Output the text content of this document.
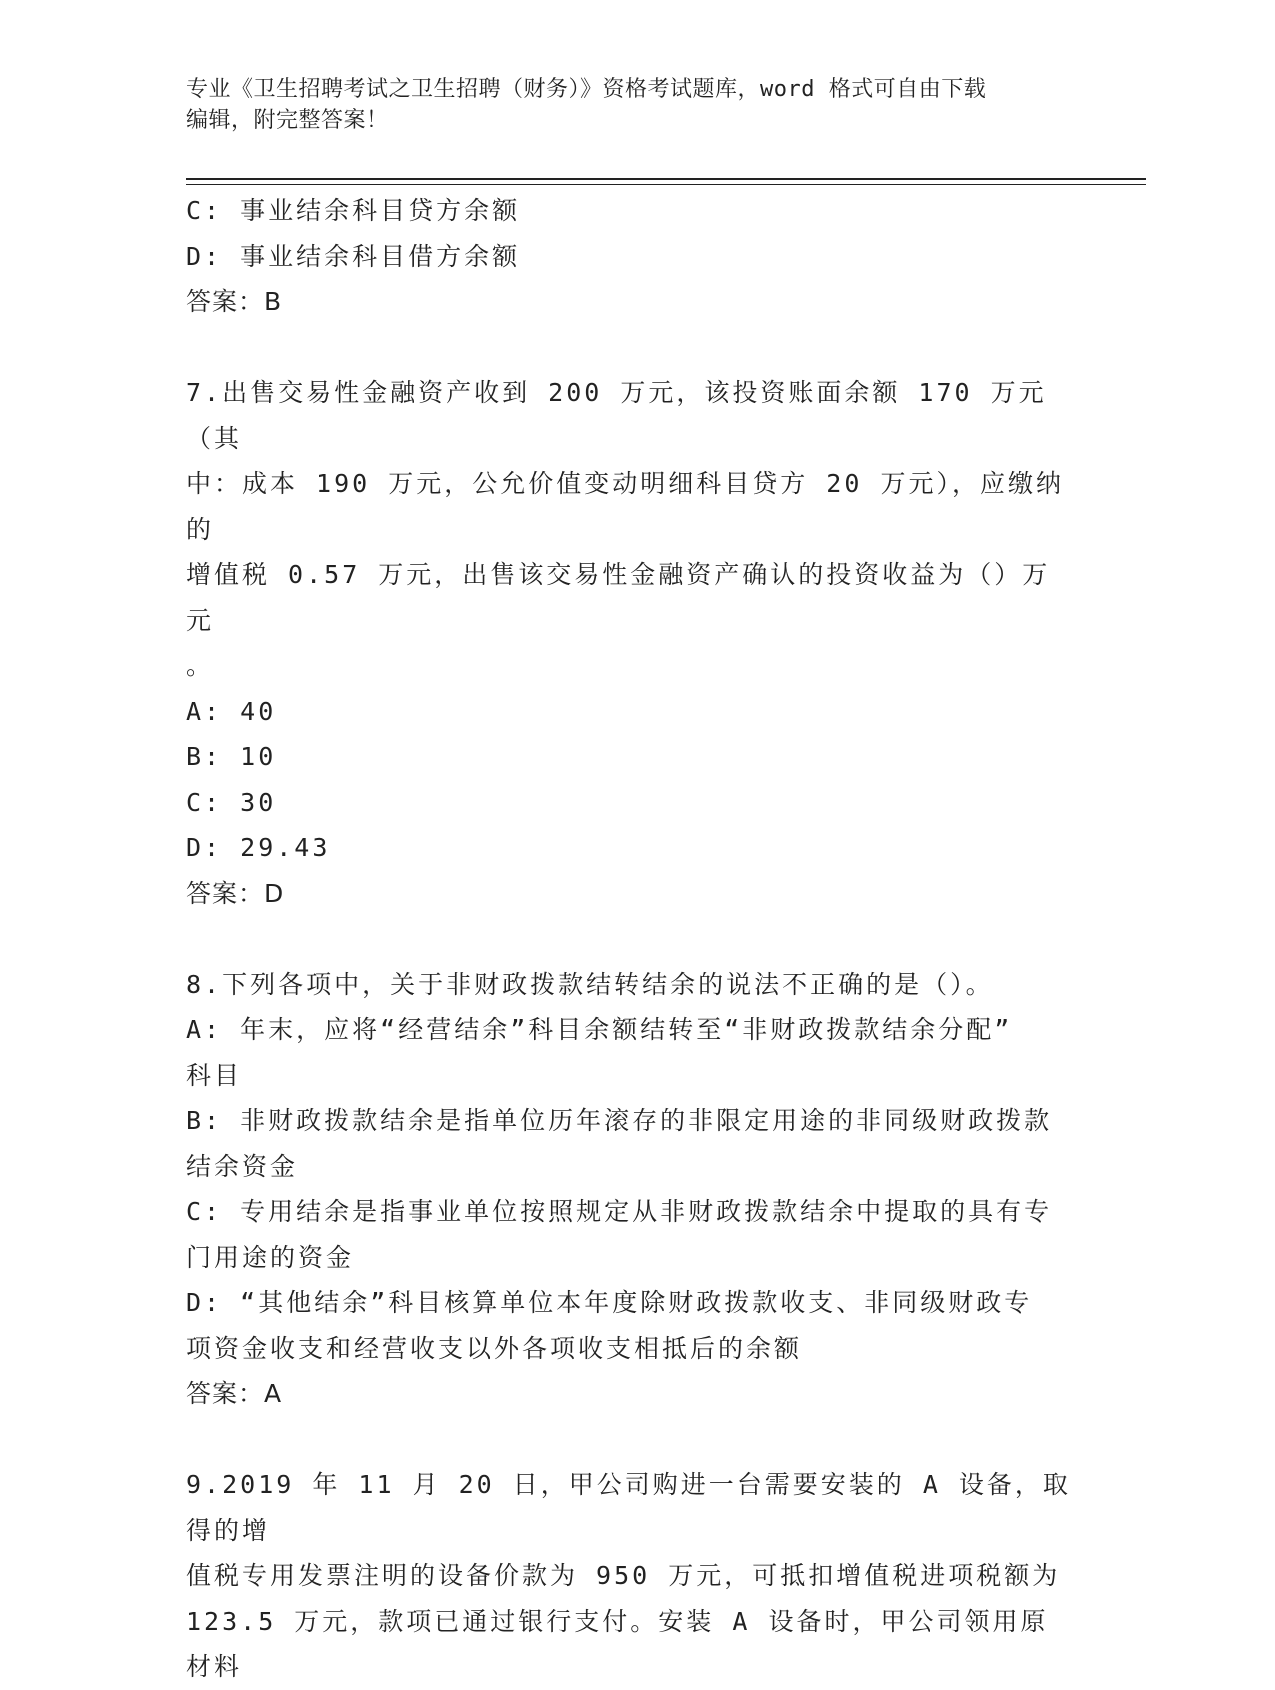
专业《卫生招聘考试之卫生招聘（财务）》资格考试题库，word 格式可自由下载
编辑，附完整答案！
C: 事业结余科目贷方余额
D: 事业结余科目借方余额
答案：B
7.出售交易性金融资产收到 200 万元，该投资账面余额 170 万元（其
中：成本 190 万元，公允价值变动明细科目贷方 20 万元），应缴纳的
增值税 0.57 万元，出售该交易性金融资产确认的投资收益为（）万元
。
A: 40
B: 10
C: 30
D: 29.43
答案：D
8.下列各项中，关于非财政拨款结转结余的说法不正确的是（）。
A: 年末，应将“经营结余”科目余额结转至“非财政拨款结余分配”
科目
B: 非财政拨款结余是指单位历年滚存的非限定用途的非同级财政拨款
结余资金
C: 专用结余是指事业单位按照规定从非财政拨款结余中提取的具有专
门用途的资金
D: “其他结余”科目核算单位本年度除财政拨款收支、非同级财政专
项资金收支和经营收支以外各项收支相抵后的余额
答案：A
9.2019 年 11 月 20 日，甲公司购进一台需要安装的 A 设备，取得的增
值税专用发票注明的设备价款为 950 万元，可抵扣增值税进项税额为
123.5 万元，款项已通过银行支付。安装 A 设备时，甲公司领用原材料
